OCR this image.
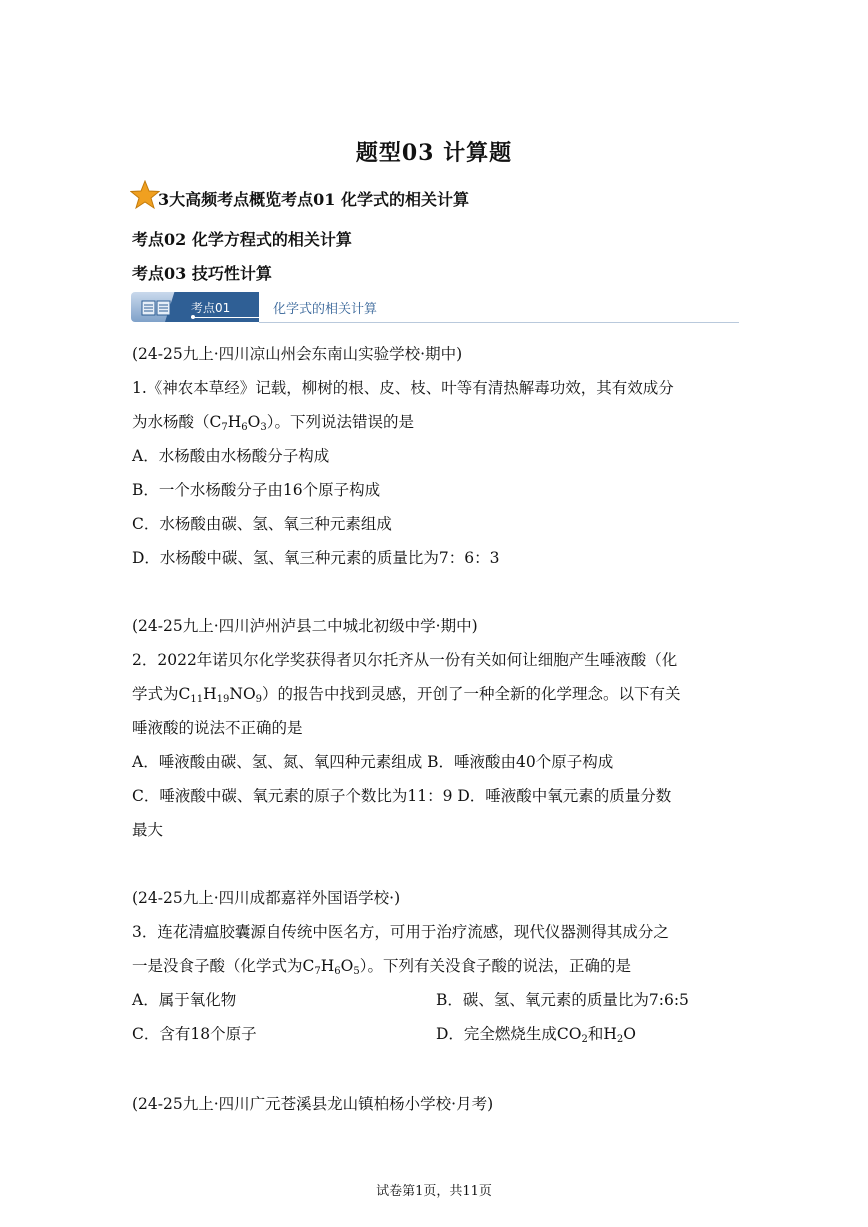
题型03 计算题
3大高频考点概览考点01 化学式的相关计算
考点02 化学方程式的相关计算
考点03 技巧性计算
考点01	化学式的相关计算
(24-25九上·四川凉山州会东南山实验学校·期中)
1.《神农本草经》记载，柳树的根、皮、枝、叶等有清热解毒功效，其有效成分
为水杨酸$(C_7H_6O_3)$。下列说法错误的是
A．水杨酸由水杨酸分子构成
B．一个水杨酸分子由16个原子构成
C．水杨酸由碳、氢、氧三种元素组成
D．水杨酸中碳、氢、氧三种元素的质量比为7：6：3
(24-25九上·四川泸州泸县二中城北初级中学·期中)
2．2022年诺贝尔化学奖获得者贝尔托齐从一份有关如何让细胞产生唾液酸（化
学式为$C_{11}H_{19}NO_9$）的报告中找到灵感，开创了一种全新的化学理念。以下有关
唾液酸的说法不正确的是
A．唾液酸由碳、氢、氮、氧四种元素组成 B．唾液酸由40个原子构成
C．唾液酸中碳、氧元素的原子个数比为11：9 D．唾液酸中氧元素的质量分数
最大
(24-25九上·四川成都嘉祥外国语学校·)
3．连花清瘟胶囊源自传统中医名方，可用于治疗流感，现代仪器测得其成分之
一是没食子酸（化学式为$C_7H_6O_5$）。下列有关没食子酸的说法，正确的是
A．属于氧化物	B．碳、氢、氧元素的质量比为7:6:5
C．含有18个原子	D．完全燃烧生成$CO_2$和$H_2O$
(24-25九上·四川广元苍溪县龙山镇柏杨小学校·月考)
试卷第1页，共11页
